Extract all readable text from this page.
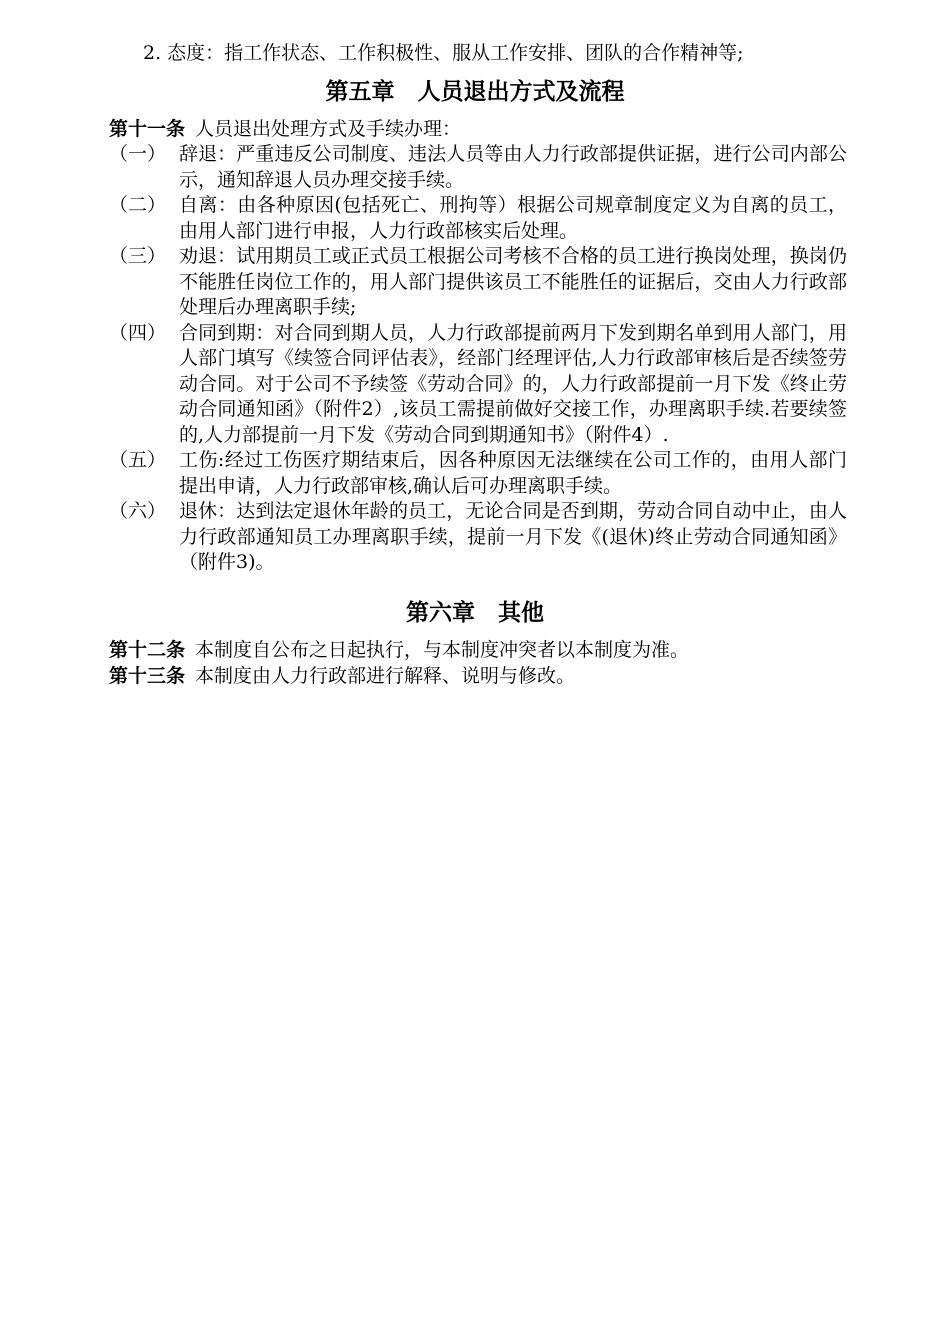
2. 态度：指工作状态、工作积极性、服从工作安排、团队的合作精神等;
第五章　人员退出方式及流程
第十一条 人员退出处理方式及手续办理：
（一） 辞退：严重违反公司制度、违法人员等由人力行政部提供证据，进行公司内部公示，通知辞退人员办理交接手续。
（二） 自离：由各种原因(包括死亡、刑拘等）根据公司规章制度定义为自离的员工，由用人部门进行申报，人力行政部核实后处理。
（三） 劝退：试用期员工或正式员工根据公司考核不合格的员工进行换岗处理，换岗仍不能胜任岗位工作的，用人部门提供该员工不能胜任的证据后，交由人力行政部处理后办理离职手续;
（四） 合同到期：对合同到期人员，人力行政部提前两月下发到期名单到用人部门，用人部门填写《续签合同评估表》，经部门经理评估,人力行政部审核后是否续签劳动合同。对于公司不予续签《劳动合同》的，人力行政部提前一月下发《终止劳动合同通知函》（附件2）,该员工需提前做好交接工作，办理离职手续.若要续签的,人力部提前一月下发《劳动合同到期通知书》（附件4）.
（五） 工伤:经过工伤医疗期结束后，因各种原因无法继续在公司工作的，由用人部门提出申请，人力行政部审核,确认后可办理离职手续。
（六） 退休：达到法定退休年龄的员工，无论合同是否到期，劳动合同自动中止，由人力行政部通知员工办理离职手续，提前一月下发《(退休)终止劳动合同通知函》（附件3)。
第六章　其他
第十二条 本制度自公布之日起执行，与本制度冲突者以本制度为准。
第十三条 本制度由人力行政部进行解释、说明与修改。
